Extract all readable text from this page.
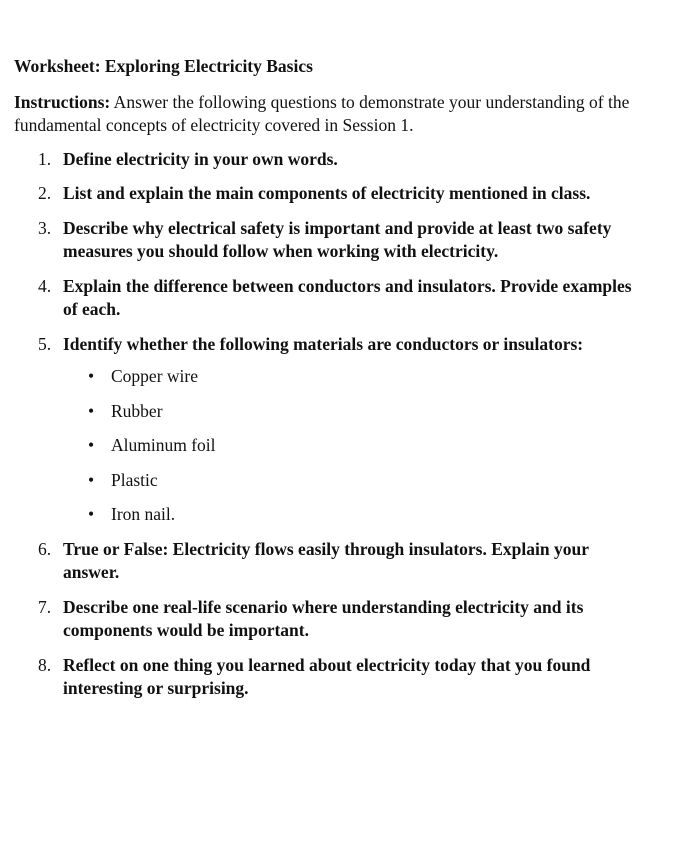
Worksheet: Exploring Electricity Basics
Instructions: Answer the following questions to demonstrate your understanding of the fundamental concepts of electricity covered in Session 1.
1. Define electricity in your own words.
2. List and explain the main components of electricity mentioned in class.
3. Describe why electrical safety is important and provide at least two safety measures you should follow when working with electricity.
4. Explain the difference between conductors and insulators. Provide examples of each.
5. Identify whether the following materials are conductors or insulators:
• Copper wire
• Rubber
• Aluminum foil
• Plastic
• Iron nail.
6. True or False: Electricity flows easily through insulators. Explain your answer.
7. Describe one real-life scenario where understanding electricity and its components would be important.
8. Reflect on one thing you learned about electricity today that you found interesting or surprising.
